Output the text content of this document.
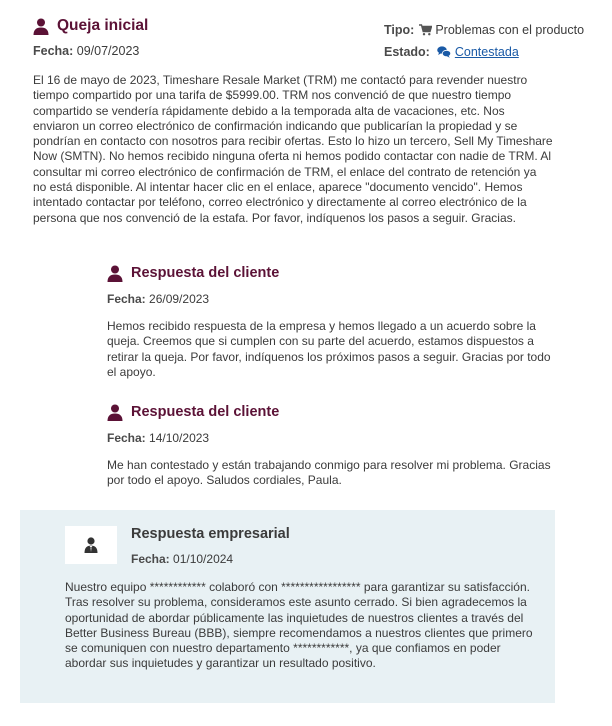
Queja inicial
Fecha: 09/07/2023
Tipo: Problemas con el producto
Estado: Contestada

El 16 de mayo de 2023, Timeshare Resale Market (TRM) me contactó para revender nuestro tiempo compartido por una tarifa de $5999.00. TRM nos convenció de que nuestro tiempo compartido se vendería rápidamente debido a la temporada alta de vacaciones, etc. Nos enviaron un correo electrónico de confirmación indicando que publicarían la propiedad y se pondrían en contacto con nosotros para recibir ofertas. Esto lo hizo un tercero, Sell My Timeshare Now (SMTN). No hemos recibido ninguna oferta ni hemos podido contactar con nadie de TRM. Al consultar mi correo electrónico de confirmación de TRM, el enlace del contrato de retención ya no está disponible. Al intentar hacer clic en el enlace, aparece "documento vencido". Hemos intentado contactar por teléfono, correo electrónico y directamente al correo electrónico de la persona que nos convenció de la estafa. Por favor, indíquenos los pasos a seguir. Gracias.

Respuesta del cliente
Fecha: 26/09/2023

Hemos recibido respuesta de la empresa y hemos llegado a un acuerdo sobre la queja. Creemos que si cumplen con su parte del acuerdo, estamos dispuestos a retirar la queja. Por favor, indíquenos los próximos pasos a seguir. Gracias por todo el apoyo.

Respuesta del cliente
Fecha: 14/10/2023

Me han contestado y están trabajando conmigo para resolver mi problema. Gracias por todo el apoyo. Saludos cordiales, Paula.

Respuesta empresarial
Fecha: 01/10/2024

Nuestro equipo ************ colaboró con ***************** para garantizar su satisfacción. Tras resolver su problema, consideramos este asunto cerrado. Si bien agradecemos la oportunidad de abordar públicamente las inquietudes de nuestros clientes a través del Better Business Bureau (BBB), siempre recomendamos a nuestros clientes que primero se comuniquen con nuestro departamento ************, ya que confiamos en poder abordar sus inquietudes y garantizar un resultado positivo.
